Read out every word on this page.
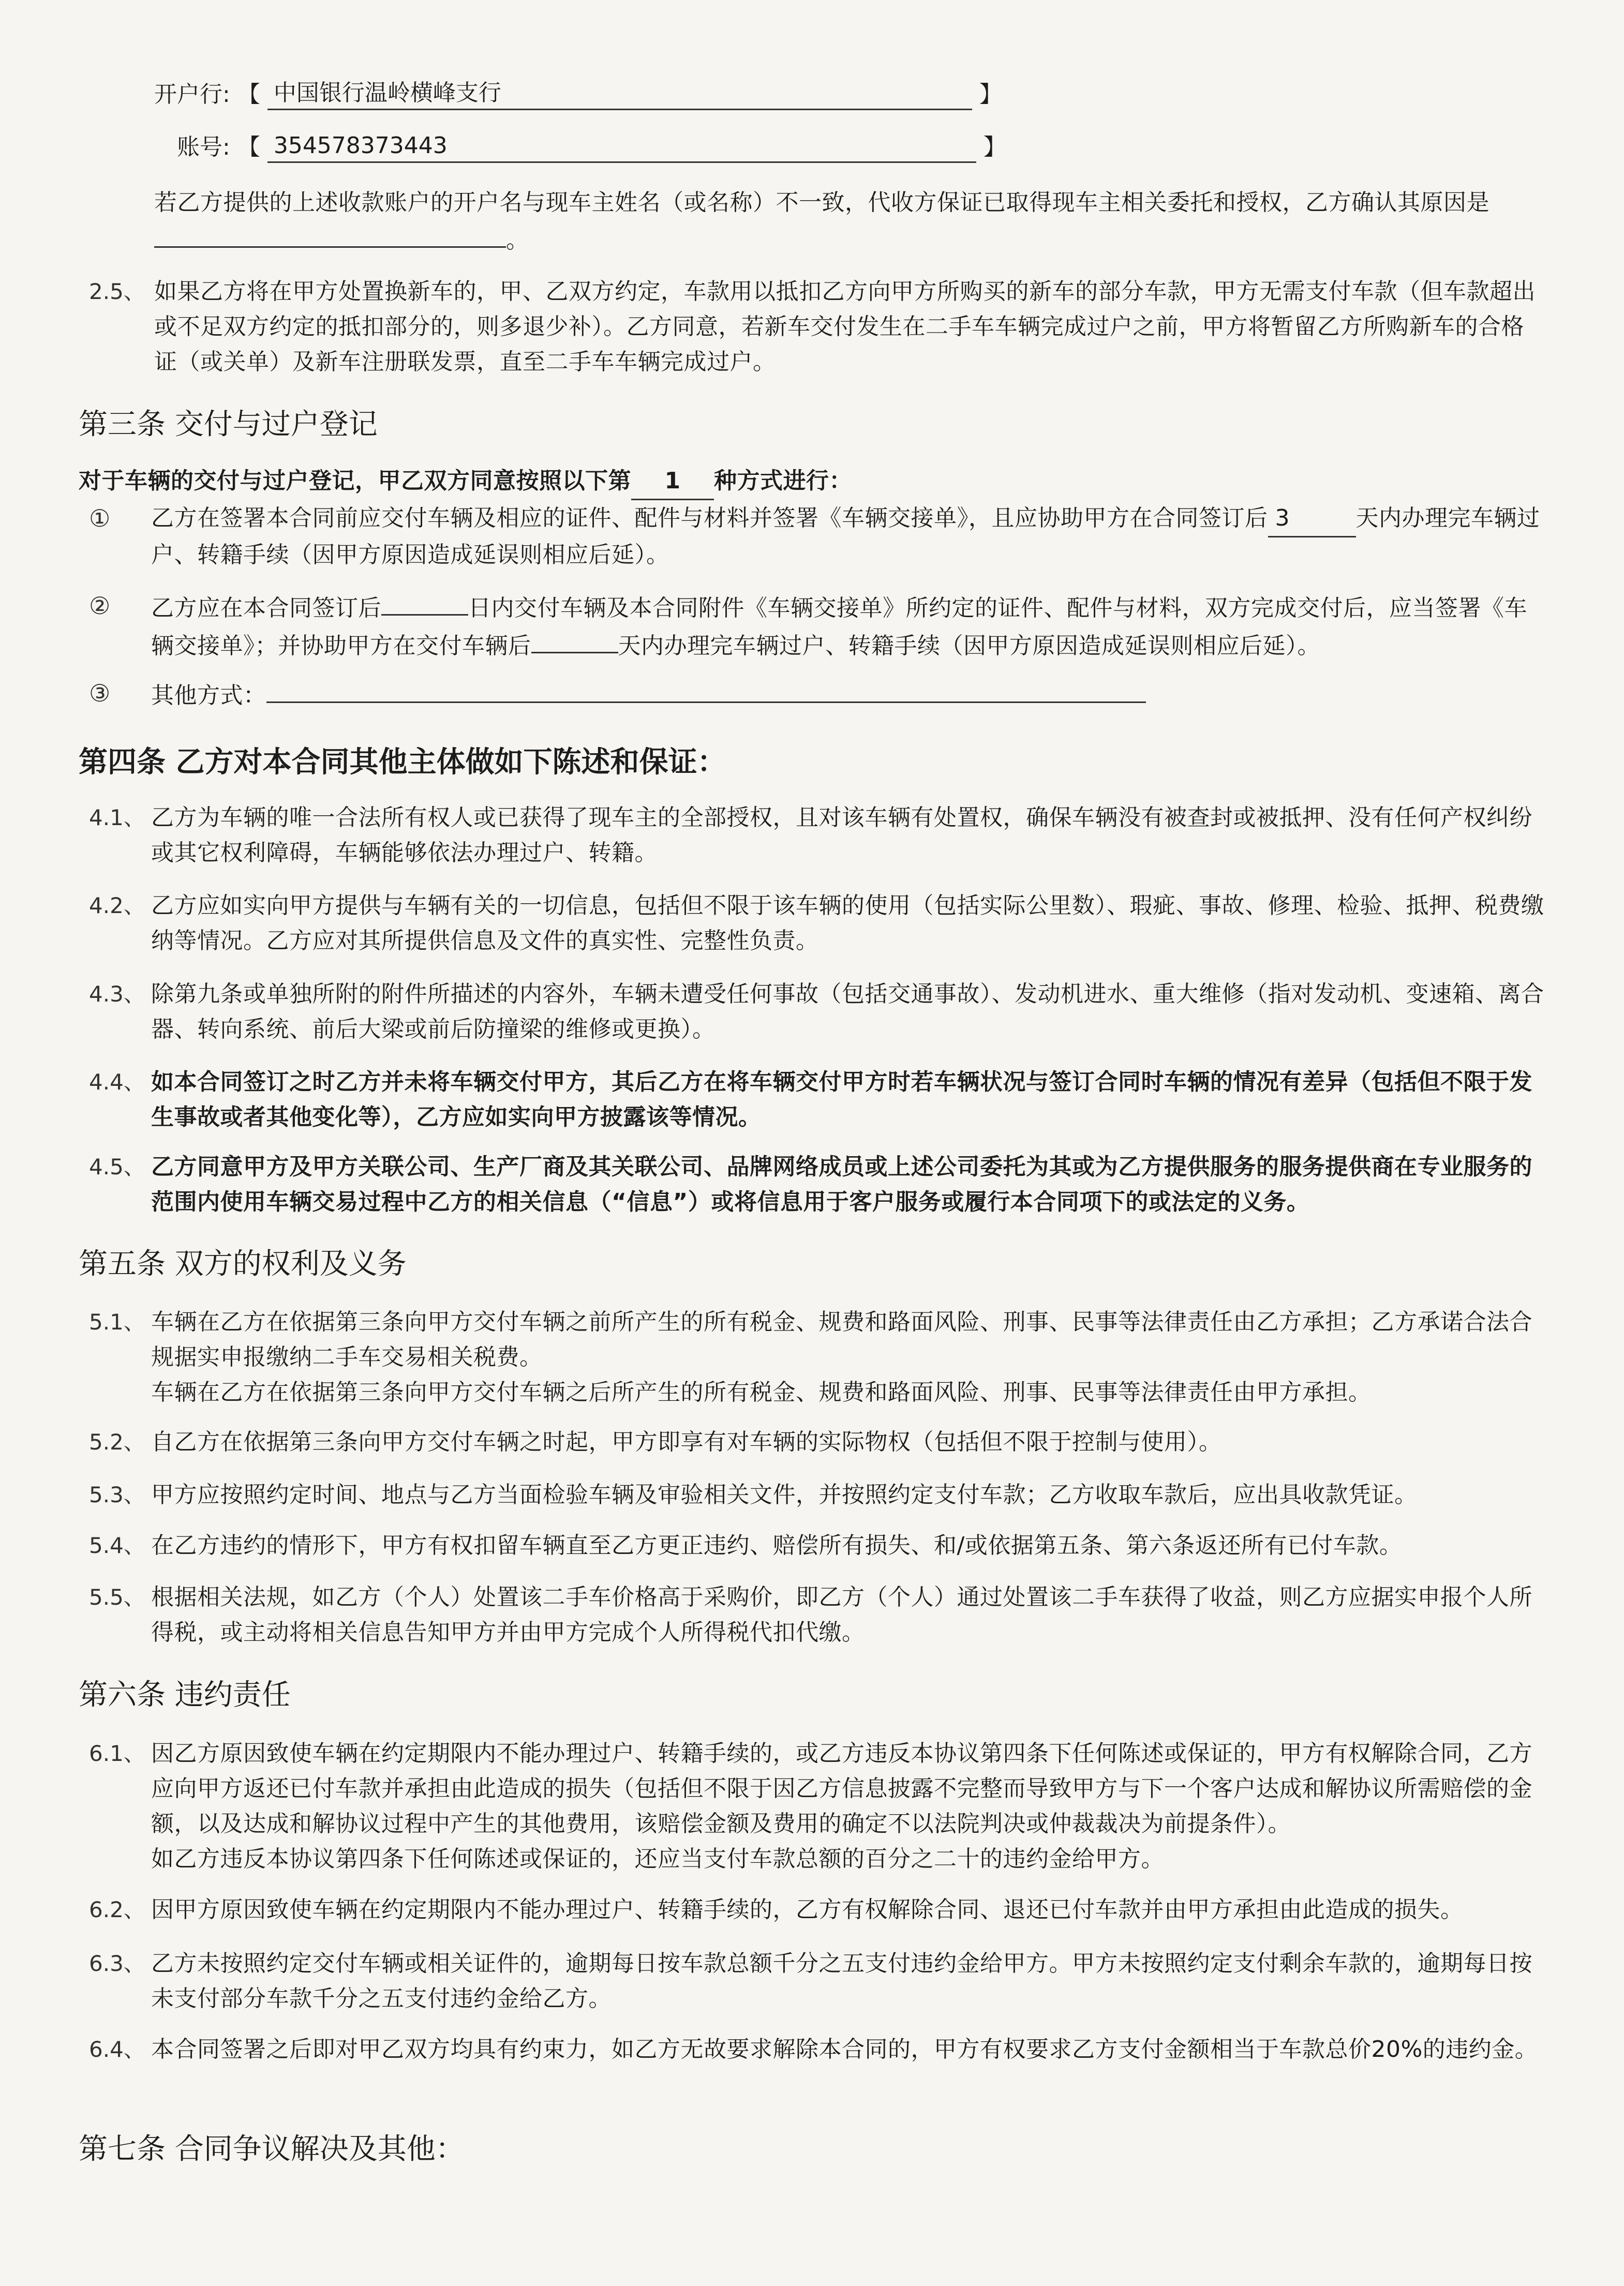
开户行: 【 中国银行温岭横峰支行	】
账号: 【 354578373443	】
若乙方提供的上述收款账户的开户名与现车主姓名（或名称）不一致，代收方保证已取得现车主相关委托和授权，乙方确认其原因是。
2.5、 如果乙方将在甲方处置换新车的，甲、乙双方约定，车款用以抵扣乙方向甲方所购买的新车的部分车款，甲方无需支付车款（但车款超出或不足双方约定的抵扣部分的，则多退少补）。乙方同意，若新车交付发生在二手车车辆完成过户之前，甲方将暂留乙方所购新车的合格证（或关单）及新车注册联发票，直至二手车车辆完成过户。
第三条 交付与过户登记
对于车辆的交付与过户登记，甲乙双方同意按照以下第 1 种方式进行：
① 乙方在签署本合同前应交付车辆及相应的证件、配件与材料并签署《车辆交接单》，且应协助甲方在合同签订后 3	天内办理完车辆过户、转籍手续（因甲方原因造成延误则相应后延）。
② 乙方应在本合同签订后	日内交付车辆及本合同附件《车辆交接单》所约定的证件、配件与材料，双方完成交付后，应当签署《车辆交接单》；并协助甲方在交付车辆后	天内办理完车辆过户、转籍手续（因甲方原因造成延误则相应后延）。
③ 其他方式：
第四条 乙方对本合同其他主体做如下陈述和保证：
4.1、 乙方为车辆的唯一合法所有权人或已获得了现车主的全部授权，且对该车辆有处置权，确保车辆没有被查封或被抵押、没有任何产权纠纷或其它权利障碍，车辆能够依法办理过户、转籍。
4.2、 乙方应如实向甲方提供与车辆有关的一切信息，包括但不限于该车辆的使用（包括实际公里数）、瑕疵、事故、修理、检验、抵押、税费缴纳等情况。乙方应对其所提供信息及文件的真实性、完整性负责。
4.3、 除第九条或单独所附的附件所描述的内容外，车辆未遭受任何事故（包括交通事故）、发动机进水、重大维修（指对发动机、变速箱、离合器、转向系统、前后大梁或前后防撞梁的维修或更换）。
4.4、 如本合同签订之时乙方并未将车辆交付甲方，其后乙方在将车辆交付甲方时若车辆状况与签订合同时车辆的情况有差异（包括但不限于发生事故或者其他变化等），乙方应如实向甲方披露该等情况。
4.5、 乙方同意甲方及甲方关联公司、生产厂商及其关联公司、品牌网络成员或上述公司委托为其或为乙方提供服务的服务提供商在专业服务的范围内使用车辆交易过程中乙方的相关信息（“信息”）或将信息用于客户服务或履行本合同项下的或法定的义务。
第五条 双方的权利及义务
5.1、 车辆在乙方在依据第三条向甲方交付车辆之前所产生的所有税金、规费和路面风险、刑事、民事等法律责任由乙方承担；乙方承诺合法合规据实申报缴纳二手车交易相关税费。
车辆在乙方在依据第三条向甲方交付车辆之后所产生的所有税金、规费和路面风险、刑事、民事等法律责任由甲方承担。
5.2、 自乙方在依据第三条向甲方交付车辆之时起，甲方即享有对车辆的实际物权（包括但不限于控制与使用）。
5.3、 甲方应按照约定时间、地点与乙方当面检验车辆及审验相关文件，并按照约定支付车款；乙方收取车款后，应出具收款凭证。
5.4、 在乙方违约的情形下，甲方有权扣留车辆直至乙方更正违约、赔偿所有损失、和/或依据第五条、第六条返还所有已付车款。
5.5、 根据相关法规，如乙方（个人）处置该二手车价格高于采购价，即乙方（个人）通过处置该二手车获得了收益，则乙方应据实申报个人所得税，或主动将相关信息告知甲方并由甲方完成个人所得税代扣代缴。
第六条 违约责任
6.1、 因乙方原因致使车辆在约定期限内不能办理过户、转籍手续的，或乙方违反本协议第四条下任何陈述或保证的，甲方有权解除合同，乙方应向甲方返还已付车款并承担由此造成的损失（包括但不限于因乙方信息披露不完整而导致甲方与下一个客户达成和解协议所需赔偿的金额，以及达成和解协议过程中产生的其他费用，该赔偿金额及费用的确定不以法院判决或仲裁裁决为前提条件）。
如乙方违反本协议第四条下任何陈述或保证的，还应当支付车款总额的百分之二十的违约金给甲方。
6.2、 因甲方原因致使车辆在约定期限内不能办理过户、转籍手续的，乙方有权解除合同、退还已付车款并由甲方承担由此造成的损失。
6.3、 乙方未按照约定交付车辆或相关证件的，逾期每日按车款总额千分之五支付违约金给甲方。甲方未按照约定支付剩余车款的，逾期每日按未支付部分车款千分之五支付违约金给乙方。
6.4、 本合同签署之后即对甲乙双方均具有约束力，如乙方无故要求解除本合同的，甲方有权要求乙方支付金额相当于车款总价20%的违约金。
第七条 合同争议解决及其他：
